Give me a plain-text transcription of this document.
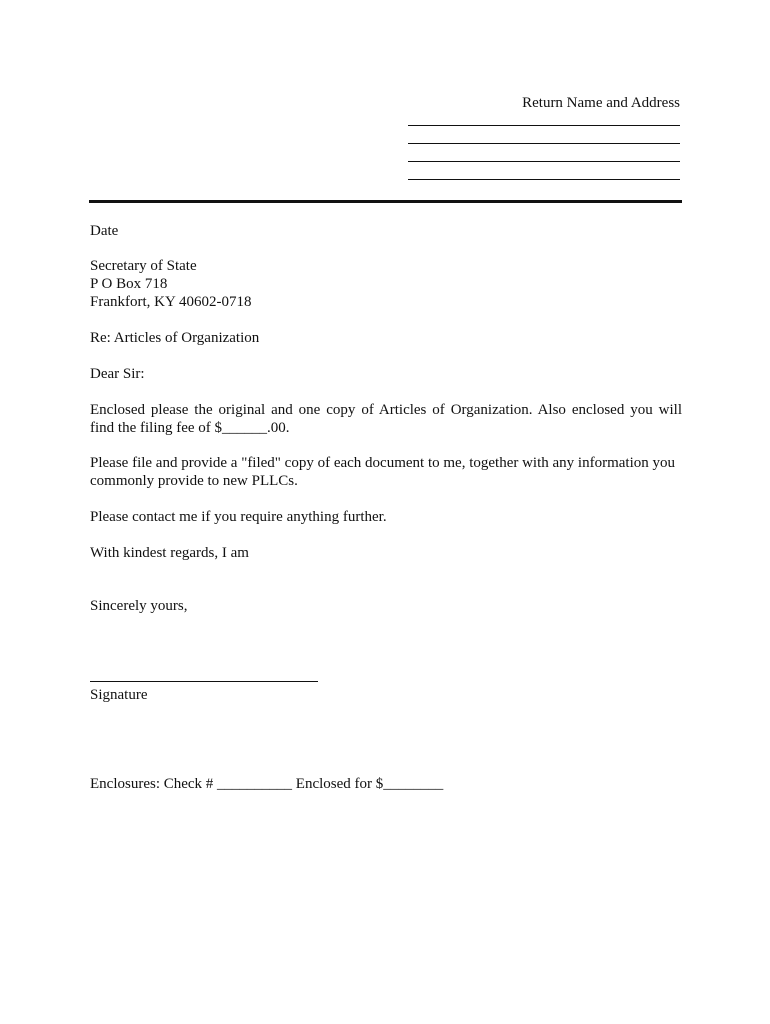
Return Name and Address
Date
Secretary of State
P O Box 718
Frankfort, KY 40602-0718
Re: Articles of Organization
Dear Sir:
Enclosed please the original and one copy of Articles of Organization. Also enclosed you will
find the filing fee of $______.00.
Please file and provide a "filed" copy of each document to me, together with any information you
commonly provide to new PLLCs.
Please contact me if you require anything further.
With kindest regards, I am
Sincerely yours,
Signature
Enclosures: Check # __________ Enclosed for $________
